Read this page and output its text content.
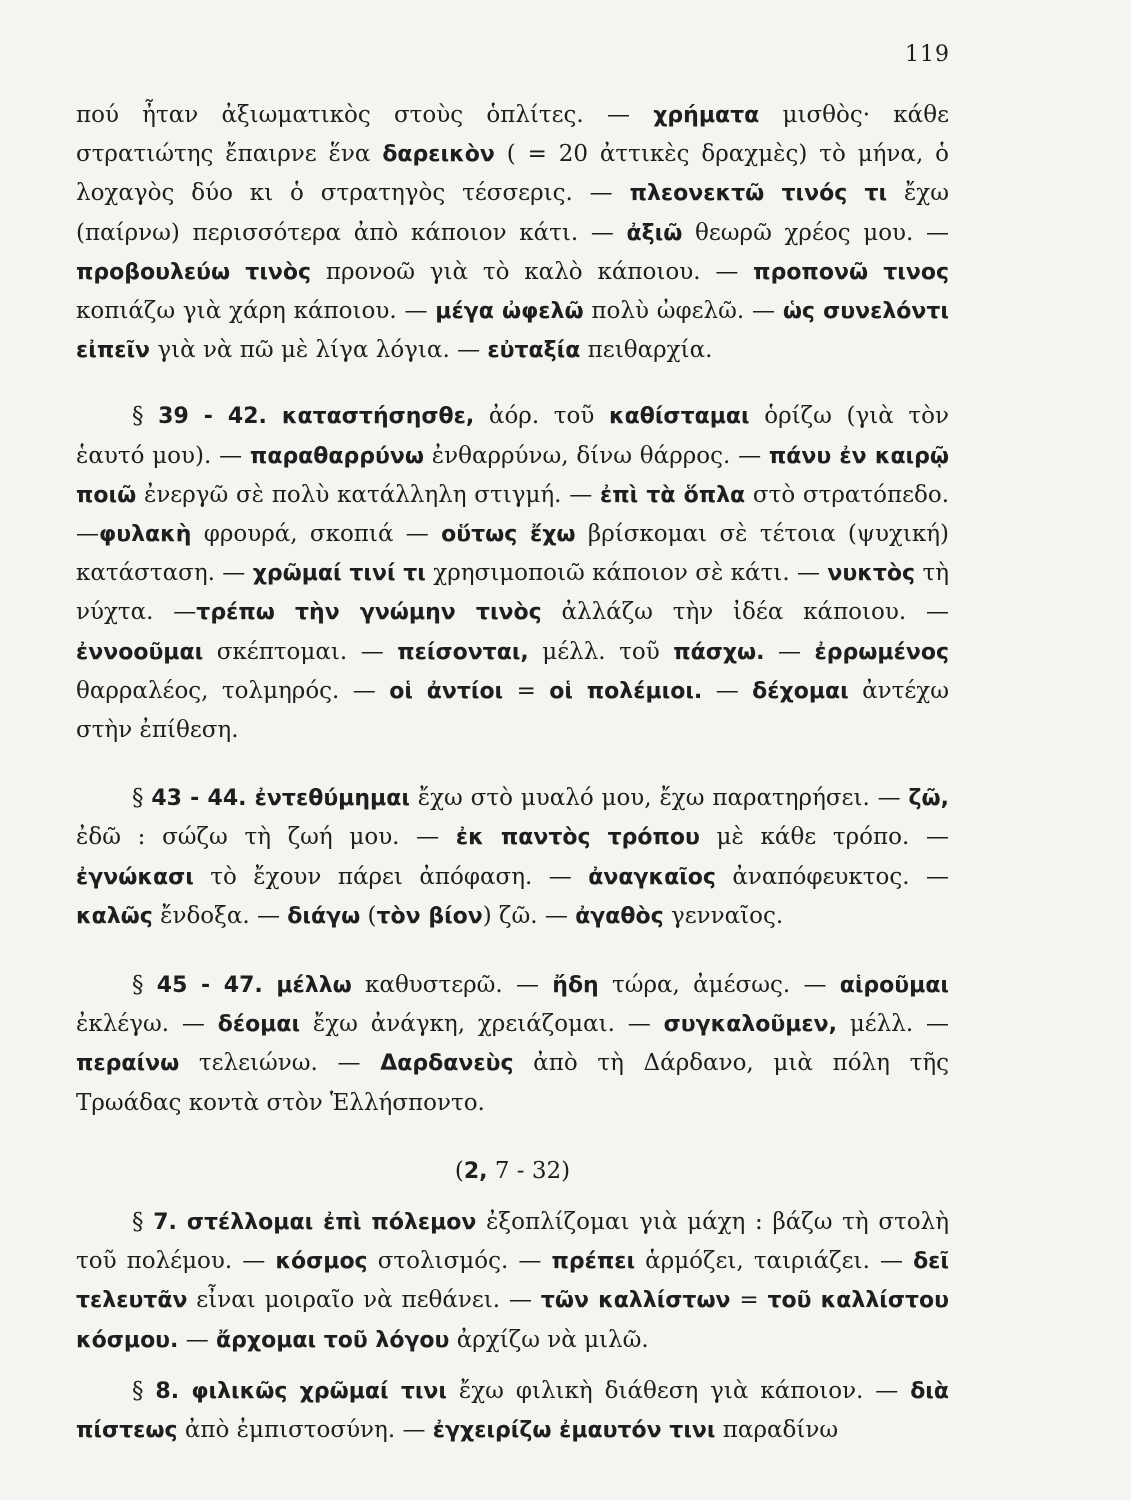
119

πού ἦταν ἀξιωματικὸς στοὺς ὁπλίτες. — χρήματα μισθὸς· κάθε στρατιώτης ἔπαιρνε ἕνα δαρεικὸν ( = 20 ἀττικὲς δραχμὲς) τὸ μήνα, ὁ λοχαγὸς δύο κι ὁ στρατηγὸς τέσσερις. — πλεονεκτῶ τινός τι ἔχω (παίρνω) περισσότερα ἀπὸ κάποιον κάτι. — ἀξιῶ θεωρῶ χρέος μου. — προβουλεύω τινὸς προνοῶ γιὰ τὸ καλὸ κάποιου. — προπονῶ τινος κοπιάζω γιὰ χάρη κάποιου. — μέγα ὠφελῶ πολὺ ὠφελῶ. — ὡς συνελόντι εἰπεῖν γιὰ νὰ πῶ μὲ λίγα λόγια. — εὐταξία πειθαρχία.

§ 39 - 42. καταστήσησθε, ἀόρ. τοῦ καθίσταμαι ὁρίζω (γιὰ τὸν ἑαυτό μου). — παραθαρρύνω ἐνθαρρύνω, δίνω θάρρος. — πάνυ ἐν καιρῷ ποιῶ ἐνεργῶ σὲ πολὺ κατάλληλη στιγμή. — ἐπὶ τὰ ὅπλα στὸ στρατόπεδο.—φυλακὴ φρουρά, σκοπιά — οὕτως ἔχω βρίσκομαι σὲ τέτοια (ψυχική) κατάσταση. — χρῶμαί τινί τι χρησιμοποιῶ κάποιον σὲ κάτι. — νυκτὸς τὴ νύχτα. —τρέπω τὴν γνώμην τινὸς ἀλλάζω τὴν ἰδέα κάποιου. — ἐννοοῦμαι σκέπτομαι. — πείσονται, μέλλ. τοῦ πάσχω. — ἐρρωμένος θαρραλέος, τολμηρός. — οἱ ἀντίοι = οἱ πολέμιοι. — δέχομαι ἀντέχω στὴν ἐπίθεση.

§ 43 - 44. ἐντεθύμημαι ἔχω στὸ μυαλό μου, ἔχω παρατηρήσει. — ζῶ, ἐδῶ : σώζω τὴ ζωή μου. — ἐκ παντὸς τρόπου μὲ κάθε τρόπο. — ἐγνώκασι τὸ ἔχουν πάρει ἀπόφαση. — ἀναγκαῖος ἀναπόφευκτος. — καλῶς ἔνδοξα. — διάγω (τὸν βίον) ζῶ. — ἀγαθὸς γενναῖος.

§ 45 - 47. μέλλω καθυστερῶ. — ἤδη τώρα, ἀμέσως. — αἱροῦμαι ἐκλέγω. — δέομαι ἔχω ἀνάγκη, χρειάζομαι. — συγκαλοῦμεν, μέλλ. — περαίνω τελειώνω. — Δαρδανεὺς ἀπὸ τὴ Δάρδανο, μιὰ πόλη τῆς Τρωάδας κοντὰ στὸν Ἑλλήσποντο.

(2, 7 - 32)

§ 7. στέλλομαι ἐπὶ πόλεμον ἐξοπλίζομαι γιὰ μάχη : βάζω τὴ στολὴ τοῦ πολέμου. — κόσμος στολισμός. — πρέπει ἁρμόζει, ταιριάζει. — δεῖ τελευτᾶν εἶναι μοιραῖο νὰ πεθάνει. — τῶν καλλίστων = τοῦ καλλίστου κόσμου. — ἄρχομαι τοῦ λόγου ἀρχίζω νὰ μιλῶ.

§ 8. φιλικῶς χρῶμαί τινι ἔχω φιλικὴ διάθεση γιὰ κάποιον. — διὰ πίστεως ἀπὸ ἐμπιστοσύνη. — ἐγχειρίζω ἐμαυτόν τινι παραδίνω
